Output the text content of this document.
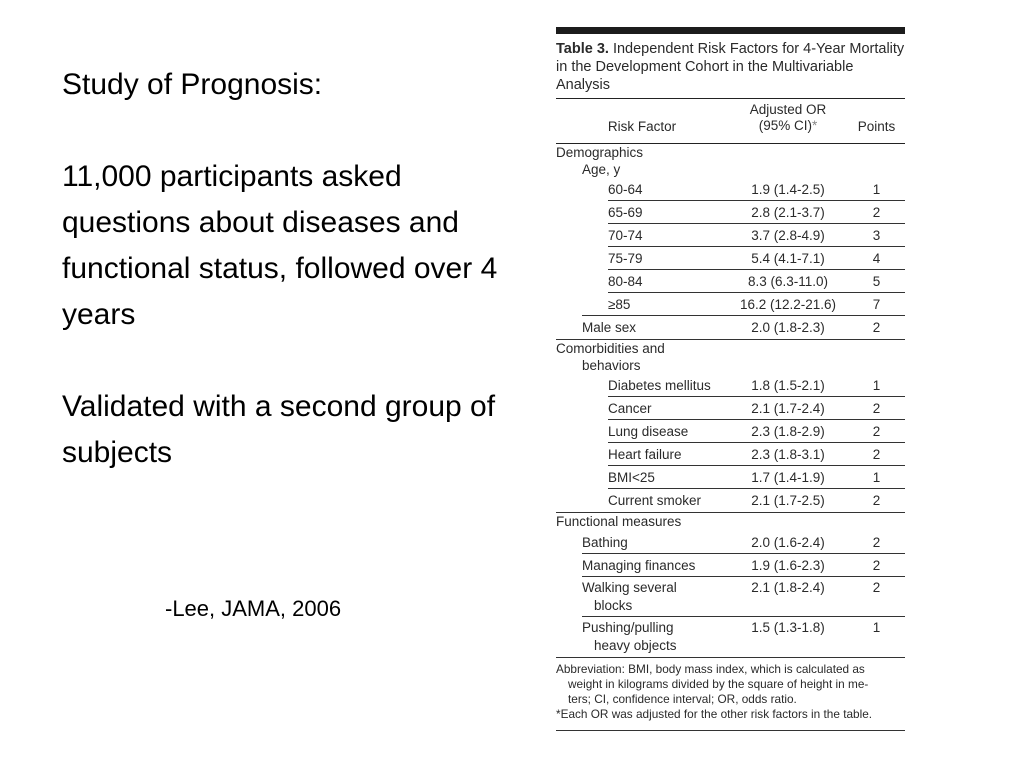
Study of Prognosis:

11,000 participants asked questions about diseases and functional status, followed over 4 years

Validated with a second group of subjects

-Lee, JAMA, 2006
Table 3. Independent Risk Factors for 4-Year Mortality in the Development Cohort in the Multivariable Analysis
Risk Factor
Adjusted OR
(95% CI)*	Points
Demographics
Age, y
60-64	1.9 (1.4-2.5)	1
65-69	2.8 (2.1-3.7)	2
70-74	3.7 (2.8-4.9)	3
75-79	5.4 (4.1-7.1)	4
80-84	8.3 (6.3-11.0)	5
≥85	16.2 (12.2-21.6)	7
Male sex	2.0 (1.8-2.3)	2
Comorbidities and
behaviors
Diabetes mellitus	1.8 (1.5-2.1)	1
Cancer	2.1 (1.7-2.4)	2
Lung disease	2.3 (1.8-2.9)	2
Heart failure	2.3 (1.8-3.1)	2
BMI<25	1.7 (1.4-1.9)	1
Current smoker	2.1 (1.7-2.5)	2
Functional measures
Bathing	2.0 (1.6-2.4)	2
Managing finances	1.9 (1.6-2.3)	2
Walking several
blocks
2.1 (1.8-2.4)	2
Pushing/pulling
heavy objects
1.5 (1.3-1.8)	1
Abbreviation: BMI, body mass index, which is calculated as
weight in kilograms divided by the square of height in me-
ters; CI, confidence interval; OR, odds ratio.
*Each OR was adjusted for the other risk factors in the table.
